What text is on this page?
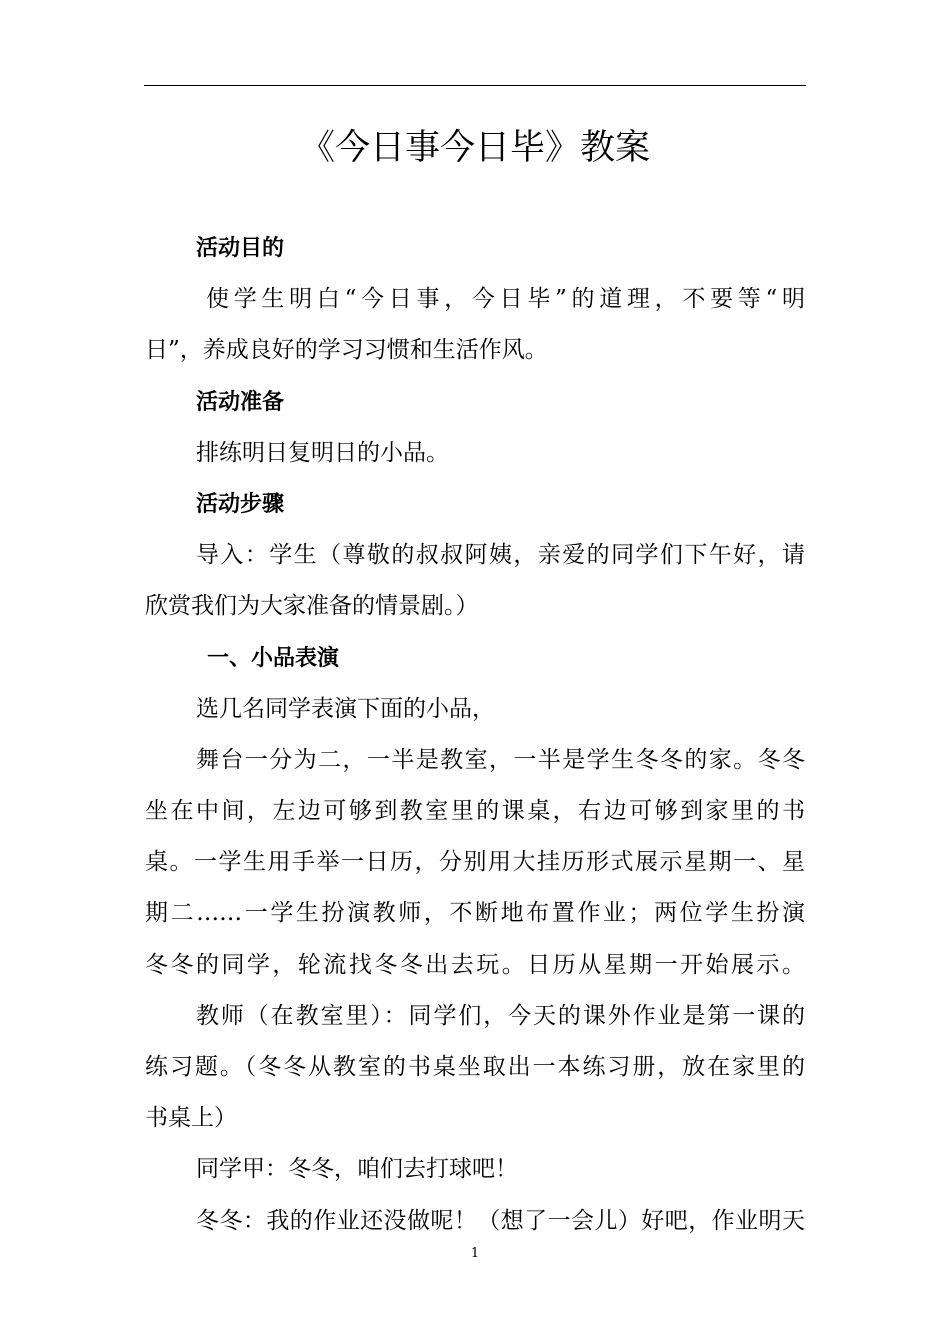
《今日事今日毕》教案
活动目的
使学生明白“今日事，今日毕”的道理，不要等“明
日”，养成良好的学习习惯和生活作风。
活动准备
排练明日复明日的小品。
活动步骤
导入：学生（尊敬的叔叔阿姨，亲爱的同学们下午好，请
欣赏我们为大家准备的情景剧。）
一、小品表演
选几名同学表演下面的小品，
舞台一分为二，一半是教室，一半是学生冬冬的家。冬冬
坐在中间，左边可够到教室里的课桌，右边可够到家里的书
桌。一学生用手举一日历，分别用大挂历形式展示星期一、星
期二……一学生扮演教师，不断地布置作业；两位学生扮演
冬冬的同学，轮流找冬冬出去玩。日历从星期一开始展示。
教师（在教室里）：同学们，今天的课外作业是第一课的
练习题。（冬冬从教室的书桌坐取出一本练习册，放在家里的
书桌上）
同学甲：冬冬，咱们去打球吧！
冬冬：我的作业还没做呢！（想了一会儿）好吧，作业明天
1
